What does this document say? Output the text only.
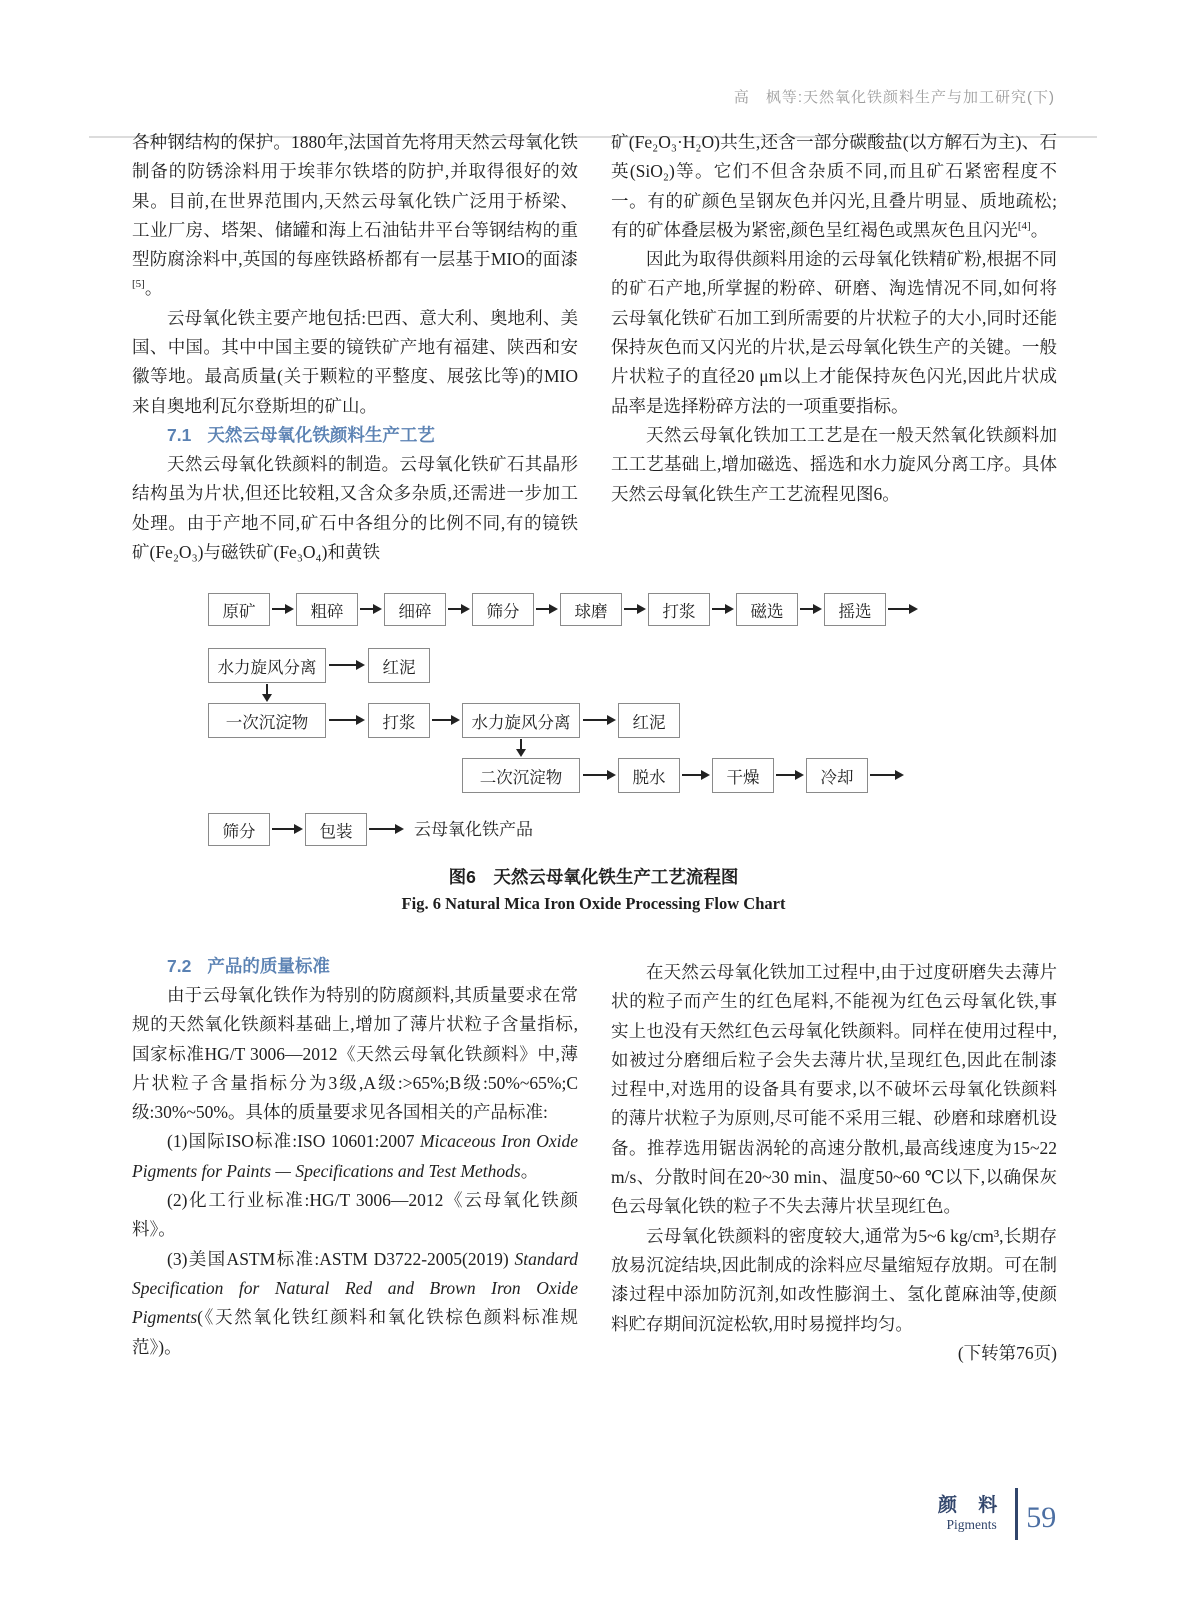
高　枫等:天然氧化铁颜料生产与加工研究(下)

各种钢结构的保护。1880年,法国首先将用天然云母氧化铁制备的防锈涂料用于埃菲尔铁塔的防护,并取得很好的效果。目前,在世界范围内,天然云母氧化铁广泛用于桥梁、工业厂房、塔架、储罐和海上石油钻井平台等钢结构的重型防腐涂料中,英国的每座铁路桥都有一层基于MIO的面漆[5]。

云母氧化铁主要产地包括:巴西、意大利、奥地利、美国、中国。其中中国主要的镜铁矿产地有福建、陕西和安徽等地。最高质量(关于颗粒的平整度、展弦比等)的MIO来自奥地利瓦尔登斯坦的矿山。

7.1 天然云母氧化铁颜料生产工艺

天然云母氧化铁颜料的制造。云母氧化铁矿石其晶形结构虽为片状,但还比较粗,又含众多杂质,还需进一步加工处理。由于产地不同,矿石中各组分的比例不同,有的镜铁矿(Fe₂O₃)与磁铁矿(Fe₃O₄)和黄铁

矿(Fe₂O₃·H₂O)共生,还含一部分碳酸盐(以方解石为主)、石英(SiO₂)等。它们不但含杂质不同,而且矿石紧密程度不一。有的矿颜色呈钢灰色并闪光,且叠片明显、质地疏松;有的矿体叠层极为紧密,颜色呈红褐色或黑灰色且闪光[4]。

因此为取得供颜料用途的云母氧化铁精矿粉,根据不同的矿石产地,所掌握的粉碎、研磨、淘选情况不同,如何将云母氧化铁矿石加工到所需要的片状粒子的大小,同时还能保持灰色而又闪光的片状,是云母氧化铁生产的关键。一般片状粒子的直径20 μm以上才能保持灰色闪光,因此片状成品率是选择粉碎方法的一项重要指标。

天然云母氧化铁加工工艺是在一般天然氧化铁颜料加工工艺基础上,增加磁选、摇选和水力旋风分离工序。具体天然云母氧化铁生产工艺流程见图6。

原矿	粗碎	细碎	筛分	球磨	打浆	磁选	摇选
水力旋风分离	红泥
一次沉淀物	打浆	水力旋风分离	红泥
二次沉淀物	脱水	干燥	冷却
筛分	包装	云母氧化铁产品
图6　天然云母氧化铁生产工艺流程图
Fig. 6 Natural Mica Iron Oxide Processing Flow Chart

7.2 产品的质量标准

由于云母氧化铁作为特别的防腐颜料,其质量要求在常规的天然氧化铁颜料基础上,增加了薄片状粒子含量指标,国家标准HG/T 3006—2012《天然云母氧化铁颜料》中,薄片状粒子含量指标分为3级,A级:>65%;B级:50%~65%;C级:30%~50%。具体的质量要求见各国相关的产品标准:

(1)国际ISO标准:ISO 10601:2007 Micaceous Iron Oxide Pigments for Paints — Specifications and Test Methods。

(2)化工行业标准:HG/T 3006—2012《云母氧化铁颜料》。

(3)美国ASTM标准:ASTM D3722-2005(2019) Standard Specification for Natural Red and Brown Iron Oxide Pigments(《天然氧化铁红颜料和氧化铁棕色颜料标准规范》)。

在天然云母氧化铁加工过程中,由于过度研磨失去薄片状的粒子而产生的红色尾料,不能视为红色云母氧化铁,事实上也没有天然红色云母氧化铁颜料。同样在使用过程中,如被过分磨细后粒子会失去薄片状,呈现红色,因此在制漆过程中,对选用的设备具有要求,以不破坏云母氧化铁颜料的薄片状粒子为原则,尽可能不采用三辊、砂磨和球磨机设备。推荐选用锯齿涡轮的高速分散机,最高线速度为15~22 m/s、分散时间在20~30 min、温度50~60 ℃以下,以确保灰色云母氧化铁的粒子不失去薄片状呈现红色。

云母氧化铁颜料的密度较大,通常为5~6 kg/cm³,长期存放易沉淀结块,因此制成的涂料应尽量缩短存放期。可在制漆过程中添加防沉剂,如改性膨润土、氢化蓖麻油等,使颜料贮存期间沉淀松软,用时易搅拌均匀。

(下转第76页)

颜 料
Pigments 59
